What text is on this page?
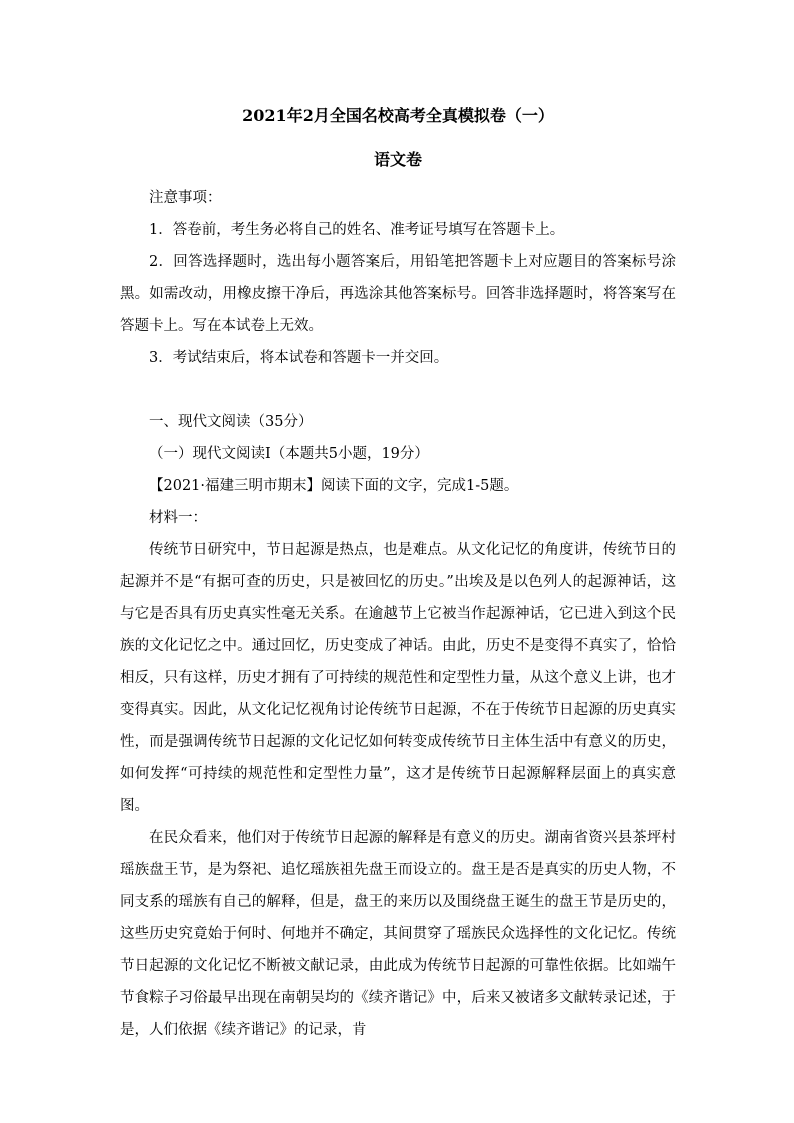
2021年2月全国名校高考全真模拟卷（一）
语文卷

注意事项：

1．答卷前，考生务必将自己的姓名、准考证号填写在答题卡上。

2．回答选择题时，选出每小题答案后，用铅笔把答题卡上对应题目的答案标号涂黑。如需改动，用橡皮擦干净后，再选涂其他答案标号。回答非选择题时，将答案写在答题卡上。写在本试卷上无效。

3．考试结束后，将本试卷和答题卡一并交回。

一、现代文阅读（35分）

（一）现代文阅读Ⅰ（本题共5小题，19分）

【2021·福建三明市期末】阅读下面的文字，完成1-5题。

材料一：

传统节日研究中，节日起源是热点，也是难点。从文化记忆的角度讲，传统节日的起源并不是“有据可查的历史，只是被回忆的历史。”出埃及是以色列人的起源神话，这与它是否具有历史真实性毫无关系。在逾越节上它被当作起源神话，它已进入到这个民族的文化记忆之中。通过回忆，历史变成了神话。由此，历史不是变得不真实了，恰恰相反，只有这样，历史才拥有了可持续的规范性和定型性力量，从这个意义上讲，也才变得真实。因此，从文化记忆视角讨论传统节日起源，不在于传统节日起源的历史真实性，而是强调传统节日起源的文化记忆如何转变成传统节日主体生活中有意义的历史，如何发挥“可持续的规范性和定型性力量”，这才是传统节日起源解释层面上的真实意图。

在民众看来，他们对于传统节日起源的解释是有意义的历史。湖南省资兴县茶坪村瑶族盘王节，是为祭祀、追忆瑶族祖先盘王而设立的。盘王是否是真实的历史人物，不同支系的瑶族有自己的解释，但是，盘王的来历以及围绕盘王诞生的盘王节是历史的，这些历史究竟始于何时、何地并不确定，其间贯穿了瑶族民众选择性的文化记忆。传统节日起源的文化记忆不断被文献记录，由此成为传统节日起源的可靠性依据。比如端午节食粽子习俗最早出现在南朝吴均的《续齐谐记》中，后来又被诸多文献转录记述，于是，人们依据《续齐谐记》的记录，肯
